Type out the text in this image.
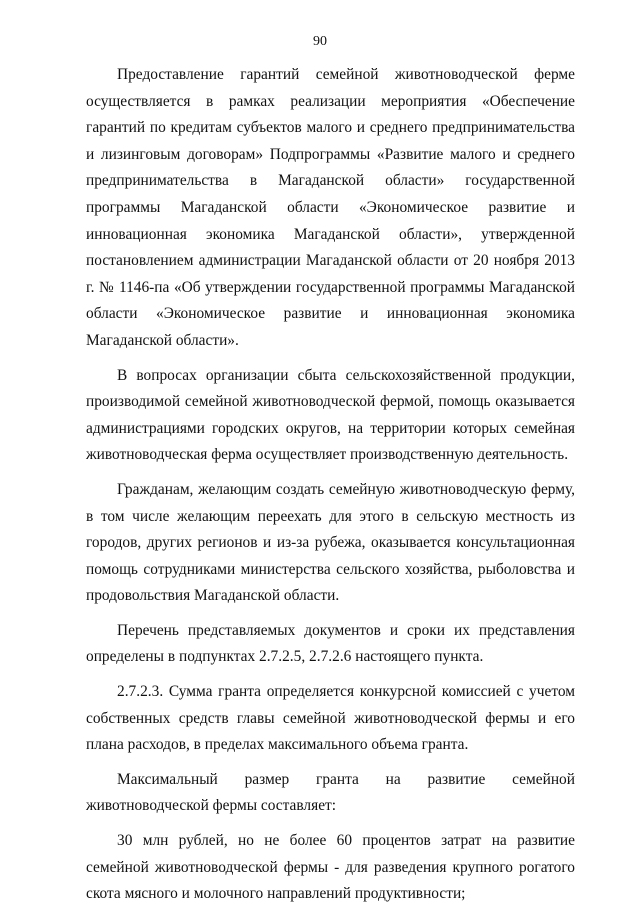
90

Предоставление гарантий семейной животноводческой ферме осуществляется в рамках реализации мероприятия «Обеспечение гарантий по кредитам субъектов малого и среднего предпринимательства и лизинговым договорам» Подпрограммы «Развитие малого и среднего предпринимательства в Магаданской области» государственной программы Магаданской области «Экономическое развитие и инновационная экономика Магаданской области», утвержденной постановлением администрации Магаданской области от 20 ноября 2013 г. № 1146-па «Об утверждении государственной программы Магаданской области «Экономическое развитие и инновационная экономика Магаданской области».

В вопросах организации сбыта сельскохозяйственной продукции, производимой семейной животноводческой фермой, помощь оказывается администрациями городских округов, на территории которых семейная животноводческая ферма осуществляет производственную деятельность.

Гражданам, желающим создать семейную животноводческую ферму, в том числе желающим переехать для этого в сельскую местность из городов, других регионов и из-за рубежа, оказывается консультационная помощь сотрудниками министерства сельского хозяйства, рыболовства и продовольствия Магаданской области.

Перечень представляемых документов и сроки их представления определены в подпунктах 2.7.2.5, 2.7.2.6 настоящего пункта.

2.7.2.3. Сумма гранта определяется конкурсной комиссией с учетом собственных средств главы семейной животноводческой фермы и его плана расходов, в пределах максимального объема гранта.

Максимальный размер гранта на развитие семейной животноводческой фермы составляет:

30 млн рублей, но не более 60 процентов затрат на развитие семейной животноводческой фермы - для разведения крупного рогатого скота мясного и молочного направлений продуктивности;
